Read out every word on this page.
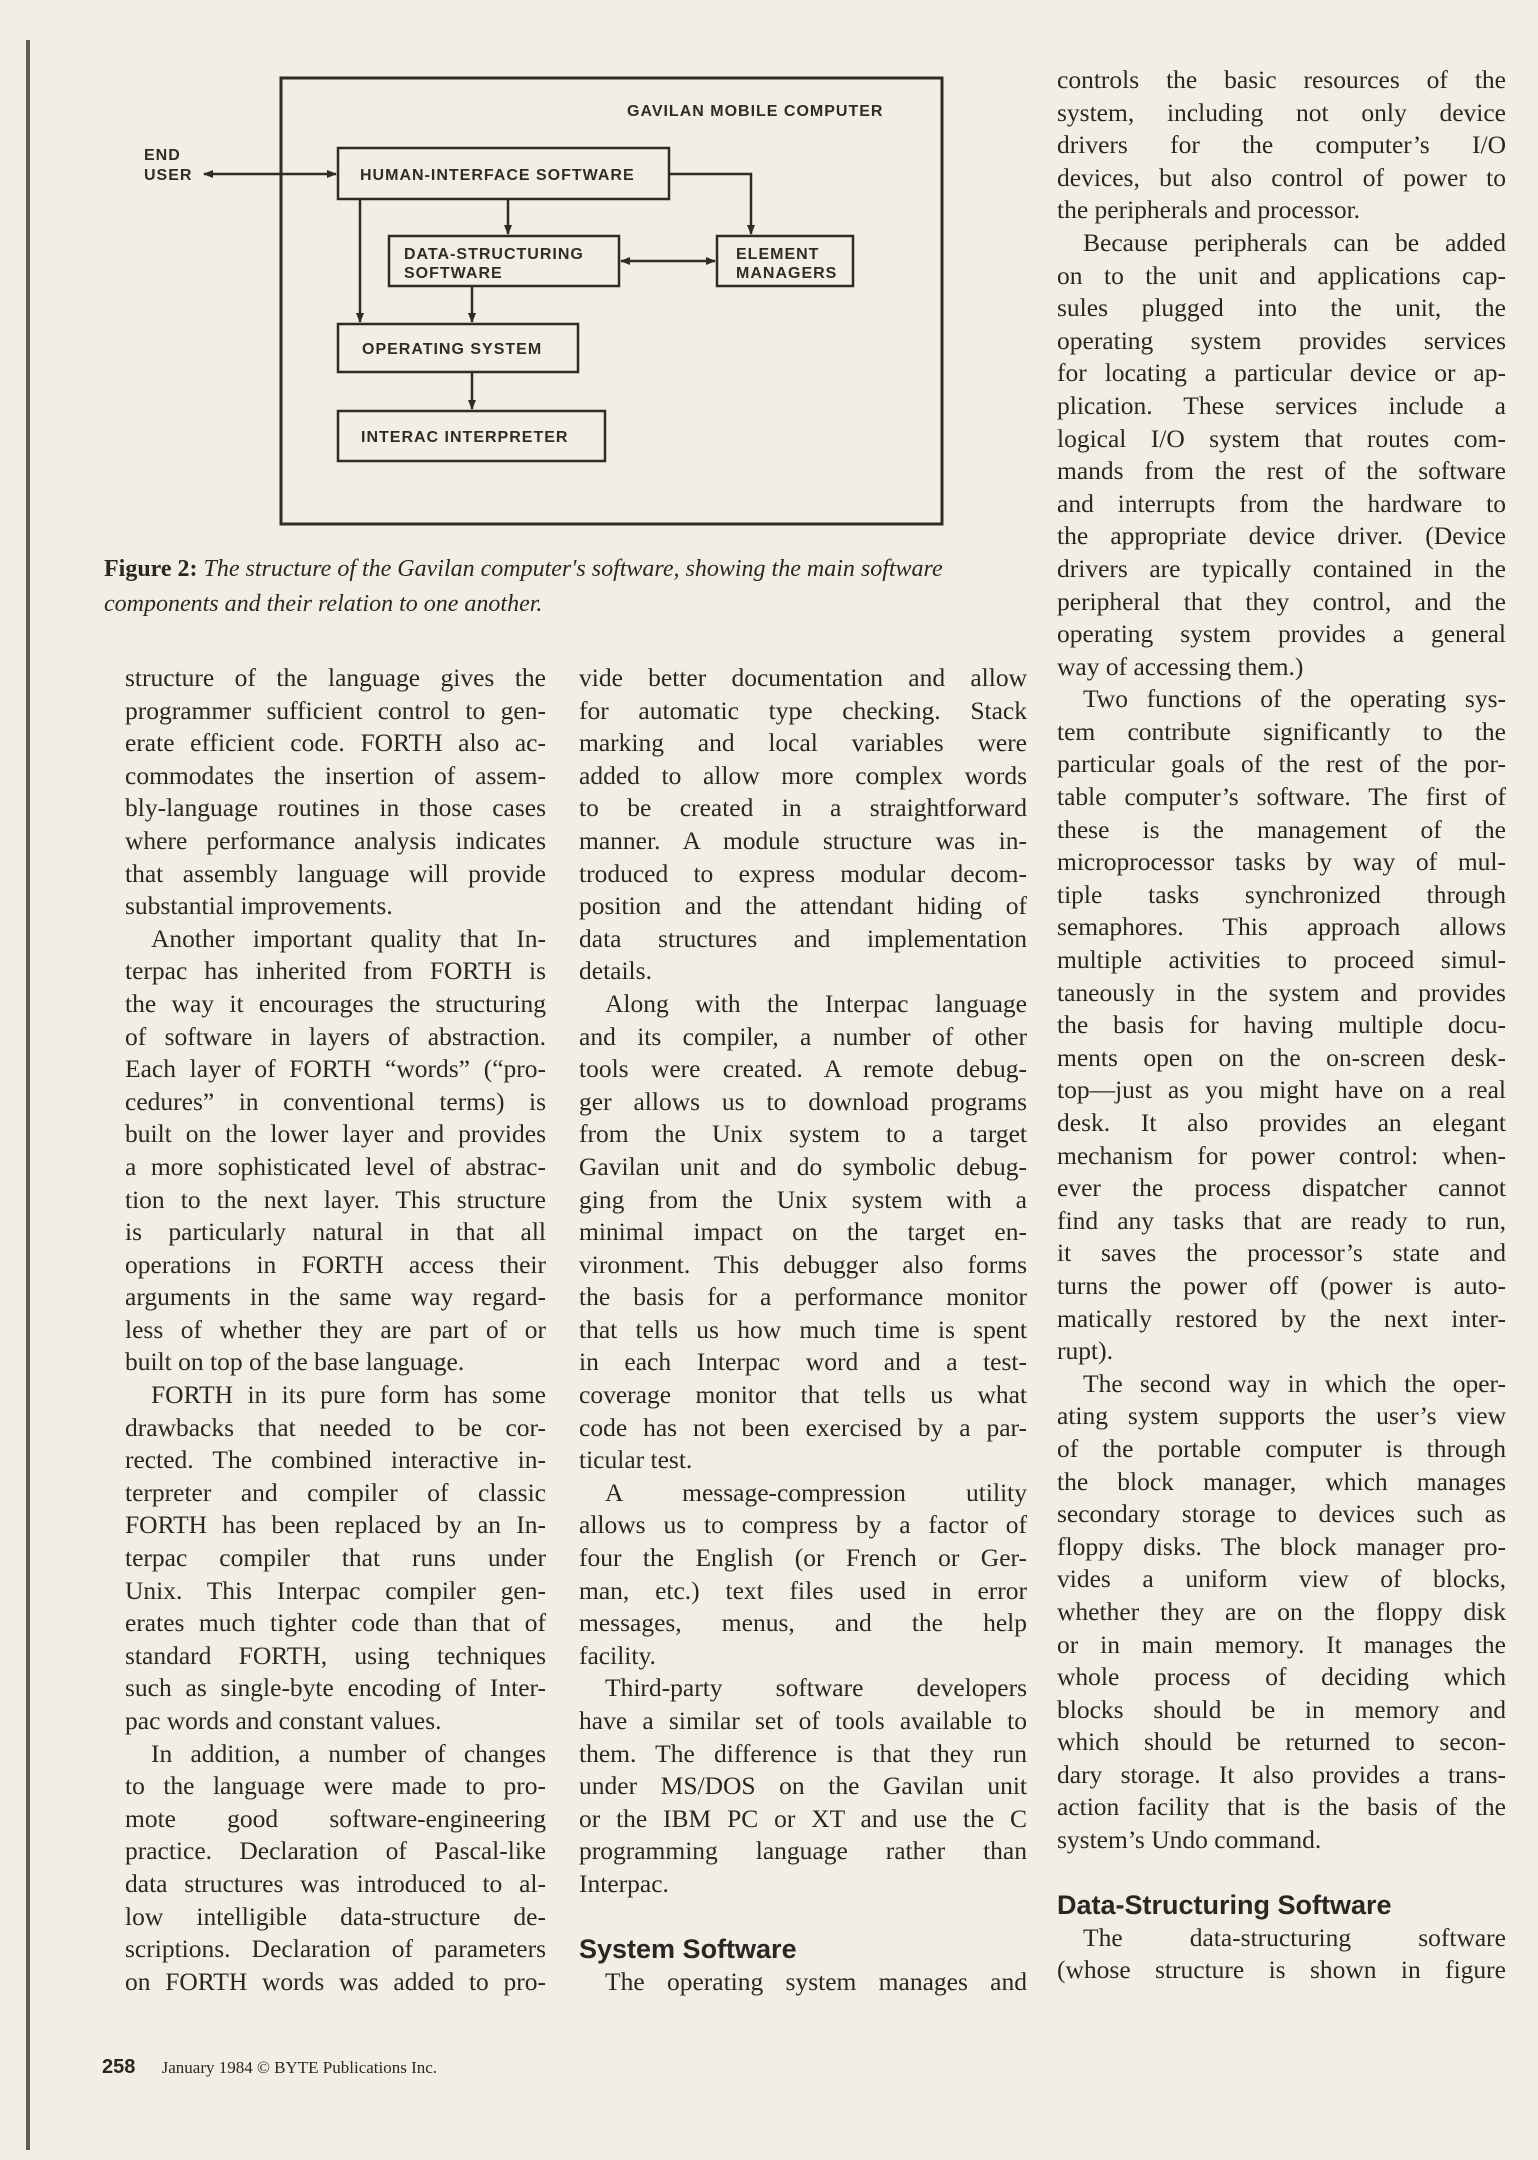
GAVILAN MOBILE COMPUTER
END
USER	HUMAN-INTERFACE SOFTWARE
DATA-STRUCTURING
SOFTWARE
ELEMENT
MANAGERS
OPERATING SYSTEM
INTERAC INTERPRETER
Figure 2: The structure of the Gavilan computer's software, showing the main software components and their relation to one another.
structure of the language gives the
programmer sufficient control to gen-
erate efficient code. FORTH also ac-
commodates the insertion of assem-
bly-language routines in those cases
where performance analysis indicates
that assembly language will provide
substantial improvements.
Another important quality that In-
terpac has inherited from FORTH is
the way it encourages the structuring
of software in layers of abstraction.
Each layer of FORTH “words” (“pro-
cedures” in conventional terms) is
built on the lower layer and provides
a more sophisticated level of abstrac-
tion to the next layer. This structure
is particularly natural in that all
operations in FORTH access their
arguments in the same way regard-
less of whether they are part of or
built on top of the base language.
FORTH in its pure form has some
drawbacks that needed to be cor-
rected. The combined interactive in-
terpreter and compiler of classic
FORTH has been replaced by an In-
terpac compiler that runs under
Unix. This Interpac compiler gen-
erates much tighter code than that of
standard FORTH, using techniques
such as single-byte encoding of Inter-
pac words and constant values.
In addition, a number of changes
to the language were made to pro-
mote good software-engineering
practice. Declaration of Pascal-like
data structures was introduced to al-
low intelligible data-structure de-
scriptions. Declaration of parameters
on FORTH words was added to pro-
vide better documentation and allow
for automatic type checking. Stack
marking and local variables were
added to allow more complex words
to be created in a straightforward
manner. A module structure was in-
troduced to express modular decom-
position and the attendant hiding of
data structures and implementation
details.
Along with the Interpac language
and its compiler, a number of other
tools were created. A remote debug-
ger allows us to download programs
from the Unix system to a target
Gavilan unit and do symbolic debug-
ging from the Unix system with a
minimal impact on the target en-
vironment. This debugger also forms
the basis for a performance monitor
that tells us how much time is spent
in each Interpac word and a test-
coverage monitor that tells us what
code has not been exercised by a par-
ticular test.
A message-compression utility
allows us to compress by a factor of
four the English (or French or Ger-
man, etc.) text files used in error
messages, menus, and the help
facility.
Third-party software developers
have a similar set of tools available to
them. The difference is that they run
under MS/DOS on the Gavilan unit
or the IBM PC or XT and use the C
programming language rather than
Interpac.
System Software
The operating system manages and
controls the basic resources of the
system, including not only device
drivers for the computer’s I/O
devices, but also control of power to
the peripherals and processor.
Because peripherals can be added
on to the unit and applications cap-
sules plugged into the unit, the
operating system provides services
for locating a particular device or ap-
plication. These services include a
logical I/O system that routes com-
mands from the rest of the software
and interrupts from the hardware to
the appropriate device driver. (Device
drivers are typically contained in the
peripheral that they control, and the
operating system provides a general
way of accessing them.)
Two functions of the operating sys-
tem contribute significantly to the
particular goals of the rest of the por-
table computer’s software. The first of
these is the management of the
microprocessor tasks by way of mul-
tiple tasks synchronized through
semaphores. This approach allows
multiple activities to proceed simul-
taneously in the system and provides
the basis for having multiple docu-
ments open on the on-screen desk-
top—just as you might have on a real
desk. It also provides an elegant
mechanism for power control: when-
ever the process dispatcher cannot
find any tasks that are ready to run,
it saves the processor’s state and
turns the power off (power is auto-
matically restored by the next inter-
rupt).
The second way in which the oper-
ating system supports the user’s view
of the portable computer is through
the block manager, which manages
secondary storage to devices such as
floppy disks. The block manager pro-
vides a uniform view of blocks,
whether they are on the floppy disk
or in main memory. It manages the
whole process of deciding which
blocks should be in memory and
which should be returned to secon-
dary storage. It also provides a trans-
action facility that is the basis of the
system’s Undo command.
Data-Structuring Software
The data-structuring software
(whose structure is shown in figure
258 January 1984 © BYTE Publications Inc.
